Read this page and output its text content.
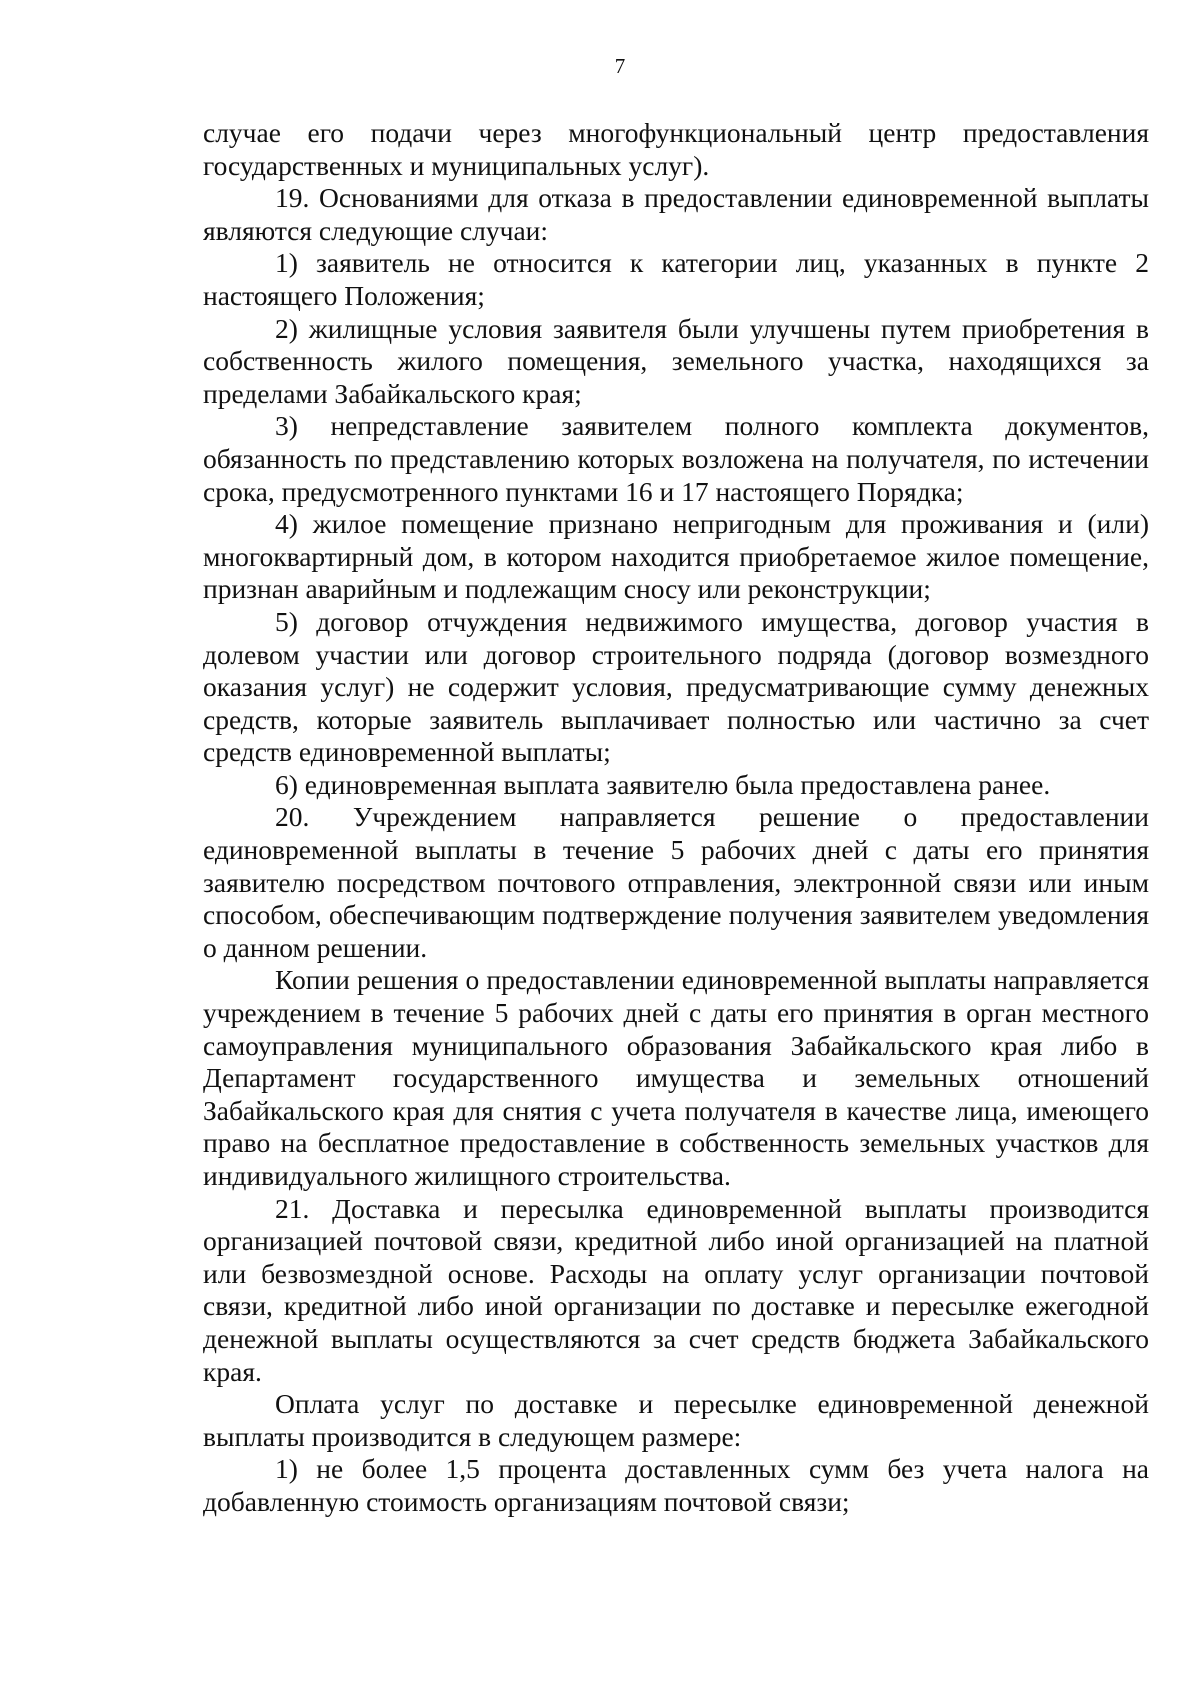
7

случае его подачи через многофункциональный центр предоставления государственных и муниципальных услуг).

19. Основаниями для отказа в предоставлении единовременной выплаты являются следующие случаи:

1) заявитель не относится к категории лиц, указанных в пункте 2 настоящего Положения;

2) жилищные условия заявителя были улучшены путем приобретения в собственность жилого помещения, земельного участка, находящихся за пределами Забайкальского края;

3) непредставление заявителем полного комплекта документов, обязанность по представлению которых возложена на получателя, по истечении срока, предусмотренного пунктами 16 и 17 настоящего Порядка;

4) жилое помещение признано непригодным для проживания и (или) многоквартирный дом, в котором находится приобретаемое жилое помещение, признан аварийным и подлежащим сносу или реконструкции;

5) договор отчуждения недвижимого имущества, договор участия в долевом участии или договор строительного подряда (договор возмездного оказания услуг) не содержит условия, предусматривающие сумму денежных средств, которые заявитель выплачивает полностью или частично за счет средств единовременной выплаты;

6) единовременная выплата заявителю была предоставлена ранее.

20. Учреждением направляется решение о предоставлении единовременной выплаты в течение 5 рабочих дней с даты его принятия заявителю посредством почтового отправления, электронной связи или иным способом, обеспечивающим подтверждение получения заявителем уведомления о данном решении.

Копии решения о предоставлении единовременной выплаты направляется учреждением в течение 5 рабочих дней с даты его принятия в орган местного самоуправления муниципального образования Забайкальского края либо в Департамент государственного имущества и земельных отношений Забайкальского края для снятия с учета получателя в качестве лица, имеющего право на бесплатное предоставление в собственность земельных участков для индивидуального жилищного строительства.

21. Доставка и пересылка единовременной выплаты производится организацией почтовой связи, кредитной либо иной организацией на платной или безвозмездной основе. Расходы на оплату услуг организации почтовой связи, кредитной либо иной организации по доставке и пересылке ежегодной денежной выплаты осуществляются за счет средств бюджета Забайкальского края.

Оплата услуг по доставке и пересылке единовременной денежной выплаты производится в следующем размере:

1) не более 1,5 процента доставленных сумм без учета налога на добавленную стоимость организациям почтовой связи;
